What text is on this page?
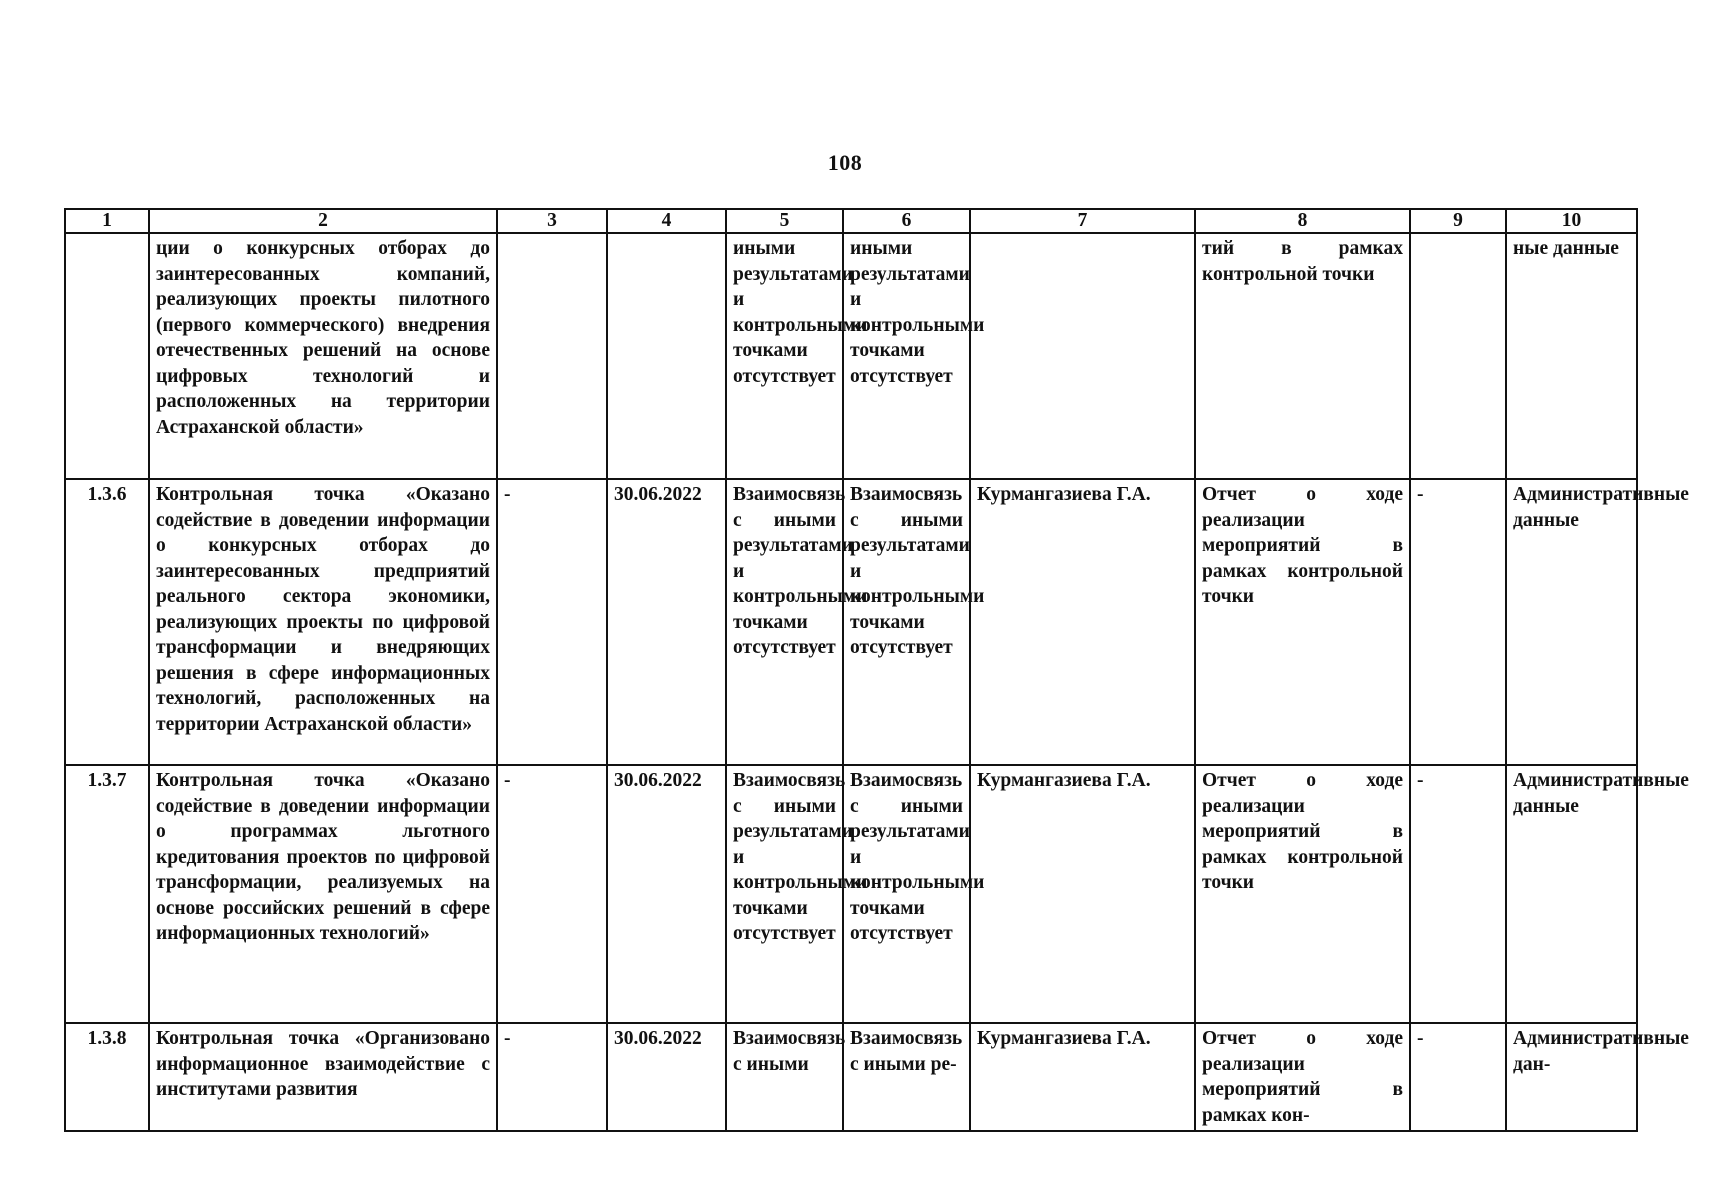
108
1	2	3	4	5	6	7	8	9	10
	ции о конкурсных отборах до заинтересованных компаний, реализующих проекты пилотного (первого коммерческого) внедрения отечественных решений на основе цифровых технологий и расположенных на территории Астраханской области»			иными результатами и контрольными точками отсутствует	иными результатами и контрольными точками отсутствует		тий в рамках контрольной точки		ные данные
1.3.6	Контрольная точка «Оказано содействие в доведении информации о конкурсных отборах до заинтересованных предприятий реального сектора экономики, реализующих проекты по цифровой трансформации и внедряющих решения в сфере информационных технологий, расположенных на территории Астраханской области»	-	30.06.2022	Взаимосвязь с иными результатами и контрольными точками отсутствует	Взаимосвязь с иными результатами и контрольными точками отсутствует	Курмангазиева Г.А.	Отчет о ходе реализации мероприятий в рамках контрольной точки	-	Административные данные
1.3.7	Контрольная точка «Оказано содействие в доведении информации о программах льготного кредитования проектов по цифровой трансформации, реализуемых на основе российских решений в сфере информационных технологий»	-	30.06.2022	Взаимосвязь с иными результатами и контрольными точками отсутствует	Взаимосвязь с иными результатами и контрольными точками отсутствует	Курмангазиева Г.А.	Отчет о ходе реализации мероприятий в рамках контрольной точки	-	Административные данные
1.3.8	Контрольная точка «Организовано информационное взаимодействие с институтами развития	-	30.06.2022	Взаимосвязь с иными	Взаимосвязь с иными ре-	Курмангазиева Г.А.	Отчет о ходе реализации мероприятий в рамках кон-	-	Административные дан-
